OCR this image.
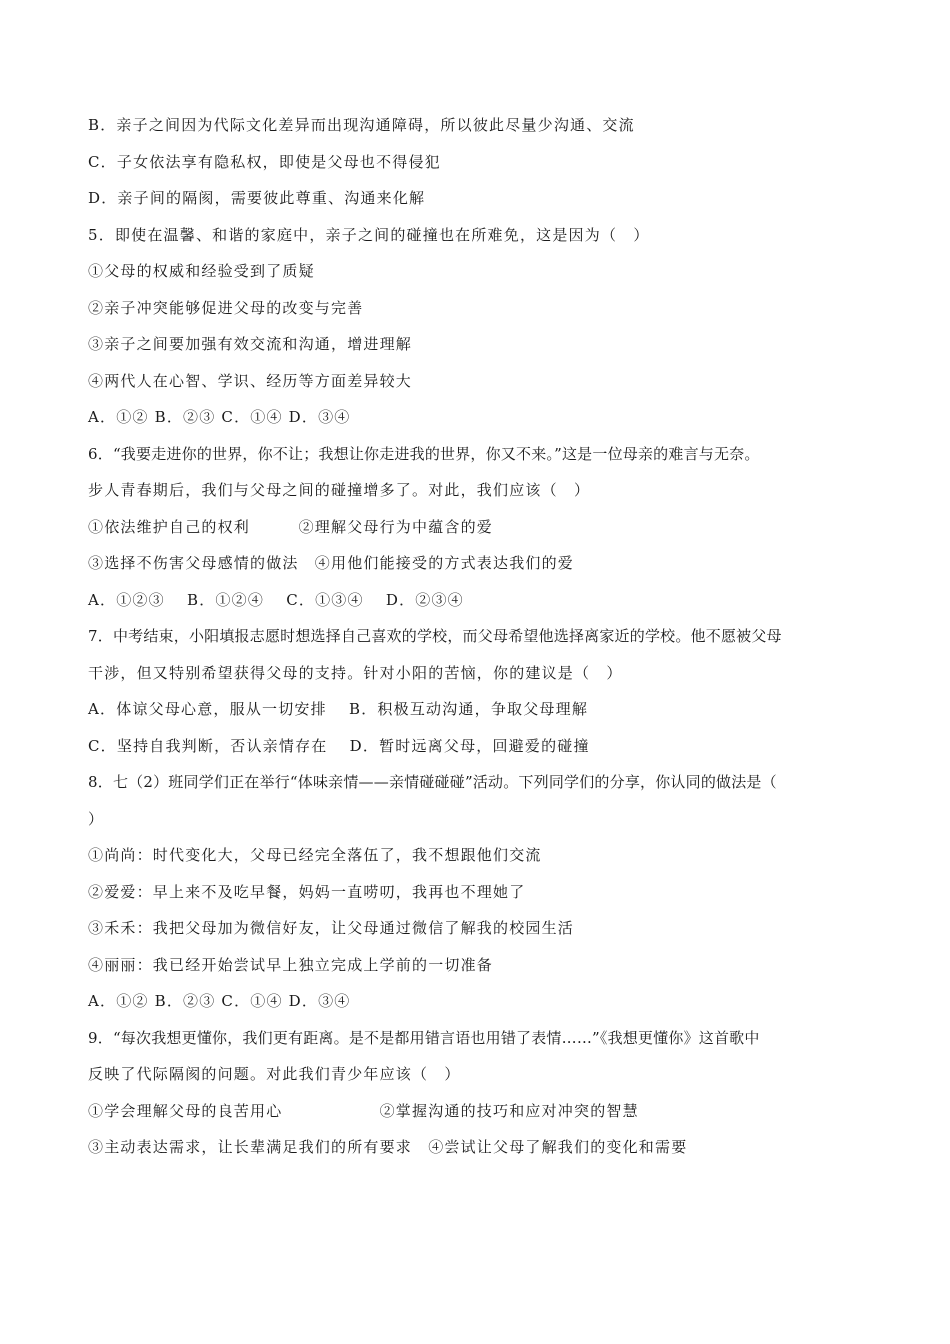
B．亲子之间因为代际文化差异而出现沟通障碍，所以彼此尽量少沟通、交流
C．子女依法享有隐私权，即使是父母也不得侵犯
D．亲子间的隔阂，需要彼此尊重、沟通来化解
5．即使在温馨、和谐的家庭中，亲子之间的碰撞也在所难免，这是因为（　）
①父母的权威和经验受到了质疑
②亲子冲突能够促进父母的改变与完善
③亲子之间要加强有效交流和沟通，增进理解
④两代人在心智、学识、经历等方面差异较大
A．①② B．②③ C．①④ D．③④
6．“我要走进你的世界，你不让；我想让你走进我的世界，你又不来。”这是一位母亲的难言与无奈。
步人青春期后，我们与父母之间的碰撞增多了。对此，我们应该（　）
①依法维护自己的权利　　　②理解父母行为中蕴含的爱
③选择不伤害父母感情的做法　④用他们能接受的方式表达我们的爱
A．①②③　 B．①②④　 C．①③④　 D．②③④
7．中考结束，小阳填报志愿时想选择自己喜欢的学校，而父母希望他选择离家近的学校。他不愿被父母
干涉，但又特别希望获得父母的支持。针对小阳的苦恼，你的建议是（　）
A．体谅父母心意，服从一切安排　 B．积极互动沟通，争取父母理解
C．坚持自我判断，否认亲情存在　 D．暂时远离父母，回避爱的碰撞
8．七（2）班同学们正在举行“体味亲情——亲情碰碰碰”活动。下列同学们的分享，你认同的做法是（
）
①尚尚：时代变化大，父母已经完全落伍了，我不想跟他们交流
②爱爱：早上来不及吃早餐，妈妈一直唠叨，我再也不理她了
③禾禾：我把父母加为微信好友，让父母通过微信了解我的校园生活
④丽丽：我已经开始尝试早上独立完成上学前的一切准备
A．①② B．②③ C．①④ D．③④
9．“每次我想更懂你，我们更有距离。是不是都用错言语也用错了表情……”《我想更懂你》这首歌中
反映了代际隔阂的问题。对此我们青少年应该（　）
①学会理解父母的良苦用心　　　　　　②掌握沟通的技巧和应对冲突的智慧
③主动表达需求，让长辈满足我们的所有要求　④尝试让父母了解我们的变化和需要
